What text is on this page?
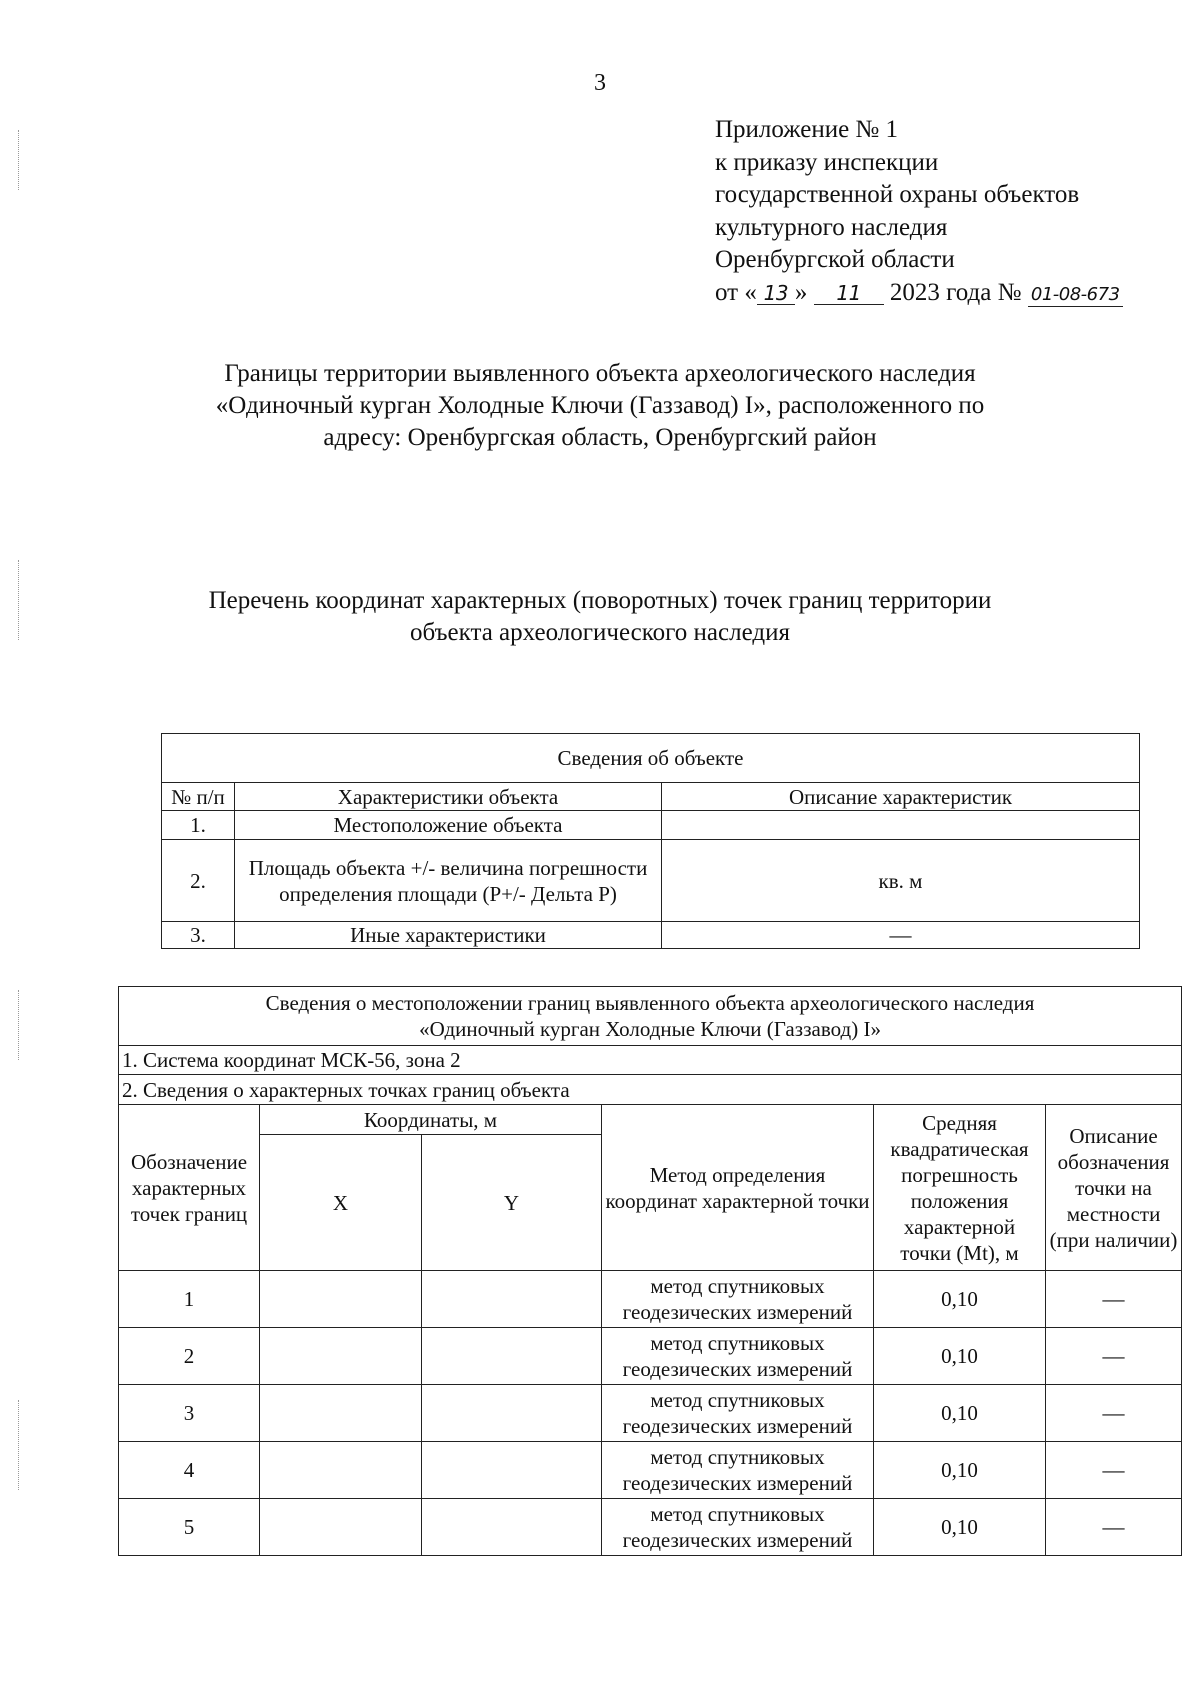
3
Приложение № 1
к приказу инспекции
государственной охраны объектов
культурного наследия
Оренбургской области
от « 13 » 11 2023 года № 01-08-673
Границы территории выявленного объекта археологического наследия
«Одиночный курган Холодные Ключи (Газзавод) I», расположенного по
адресу: Оренбургская область, Оренбургский район
Перечень координат характерных (поворотных) точек границ территории
объекта археологического наследия
Сведения об объекте		
№ п/п	Характеристики объекта	Описание характеристик
1.	Местоположение объекта	
2.	Площадь объекта +/- величина погрешности определения площади (Р+/- Дельта Р)	кв. м
3.	Иные характеристики	—
Сведения о местоположении границ выявленного объекта археологического наследия
«Одиночный курган Холодные Ключи (Газзавод) I»					

1. Система координат МСК-56, зона 2					
2. Сведения о характерных точках границ объекта					
Обозначение характерных точек границ	Координаты, м		Метод определения координат характерной точки	Средняя квадратическая погрешность положения характерной точки (Mt), м	Описание обозначения точки на местности (при наличии)
	X	Y			
1			метод спутниковых геодезических измерений	0,10	—
2			метод спутниковых геодезических измерений	0,10	—
3			метод спутниковых геодезических измерений	0,10	—
4			метод спутниковых геодезических измерений	0,10	—
5			метод спутниковых геодезических измерений	0,10	—
